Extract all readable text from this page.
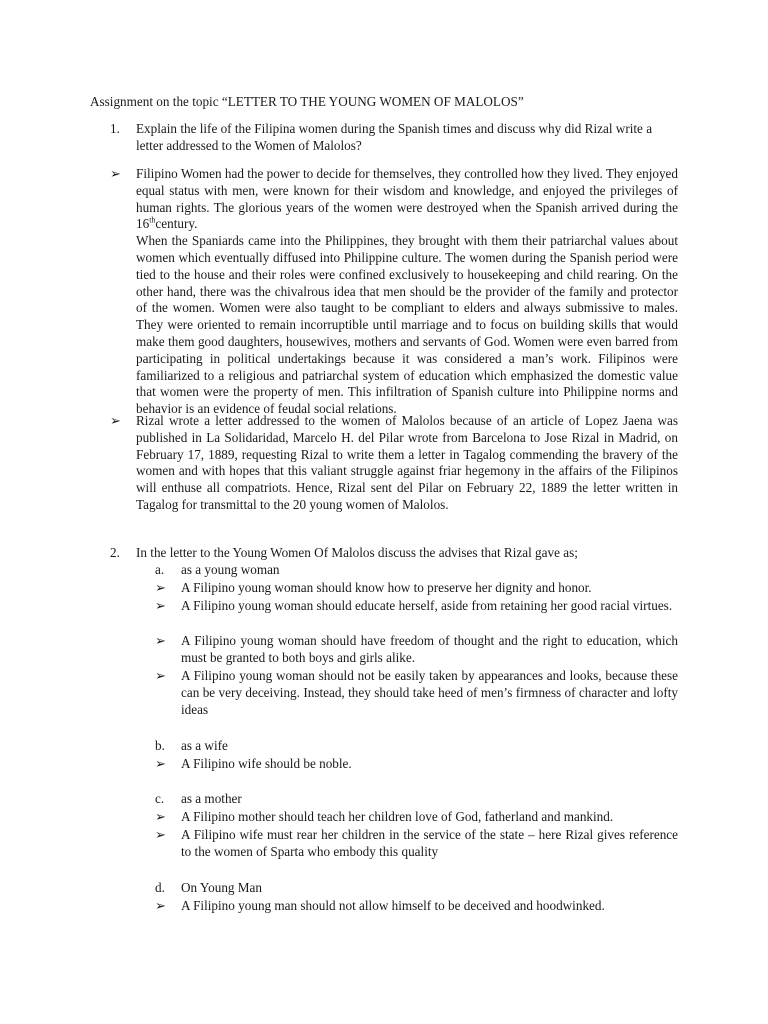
Assignment on the topic “LETTER TO THE YOUNG WOMEN OF MALOLOS”
1. Explain the life of the Filipina women during the Spanish times and discuss why did Rizal write a letter addressed to the Women of Malolos?
➢	Filipino Women had the power to decide for themselves, they controlled how they lived. They enjoyed equal status with men, were known for their wisdom and knowledge, and enjoyed the privileges of human rights. The glorious years of the women were destroyed when the Spanish arrived during the 16thcentury.

When the Spaniards came into the Philippines, they brought with them their patriarchal values about women which eventually diffused into Philippine culture. The women during the Spanish period were tied to the house and their roles were confined exclusively to housekeeping and child rearing. On the other hand, there was the chivalrous idea that men should be the provider of the family and protector of the women. Women were also taught to be compliant to elders and always submissive to males. They were oriented to remain incorruptible until marriage and to focus on building skills that would make them good daughters, housewives, mothers and servants of God. Women were even barred from participating in political undertakings because it was considered a man’s work. Filipinos were familiarized to a religious and patriarchal system of education which emphasized the domestic value that women were the property of men. This infiltration of Spanish culture into Philippine norms and behavior is an evidence of feudal social relations.

➢	Rizal wrote a letter addressed to the women of Malolos because of an article of Lopez Jaena was published in La Solidaridad, Marcelo H. del Pilar wrote from Barcelona to Jose Rizal in Madrid, on February 17, 1889, requesting Rizal to write them a letter in Tagalog commending the bravery of the women and with hopes that this valiant struggle against friar hegemony in the affairs of the Filipinos will enthuse all compatriots. Hence, Rizal sent del Pilar on February 22, 1889 the letter written in Tagalog for transmittal to the 20 young women of Malolos.

2. In the letter to the Young Women Of Malolos discuss the advises that Rizal gave as;
a. as a young woman
➢	A Filipino young woman should know how to preserve her dignity and honor.
➢	A Filipino young woman should educate herself, aside from retaining her good racial virtues.
➢	A Filipino young woman should have freedom of thought and the right to education, which must be granted to both boys and girls alike.
➢	A Filipino young woman should not be easily taken by appearances and looks, because these can be very deceiving. Instead, they should take heed of men’s firmness of character and lofty ideas
b. as a wife
➢	A Filipino wife should be noble.
c. as a mother
➢	A Filipino mother should teach her children love of God, fatherland and mankind.
➢	A Filipino wife must rear her children in the service of the state – here Rizal gives reference to the women of Sparta who embody this quality
d. On Young Man
➢	A Filipino young man should not allow himself to be deceived and hoodwinked.
